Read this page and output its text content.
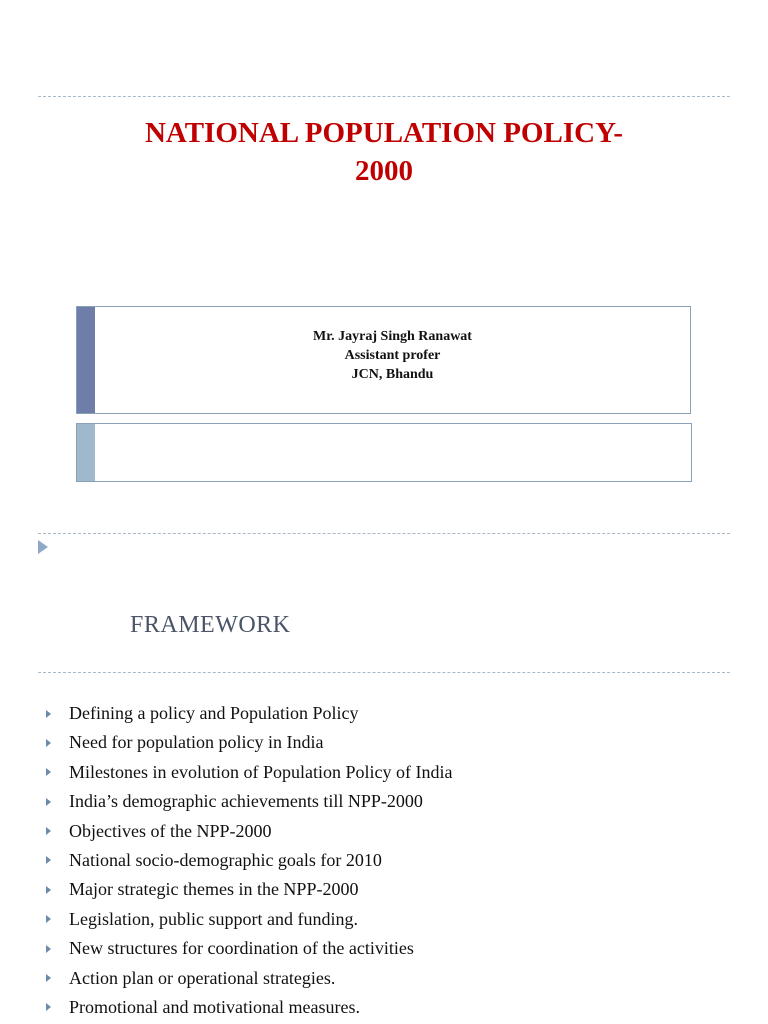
NATIONAL POPULATION POLICY-
2000
Mr. Jayraj Singh Ranawat
Assistant profer
JCN, Bhandu
FRAMEWORK
Defining a policy and Population Policy
Need for population policy in India
Milestones in evolution of Population Policy of India
India’s demographic achievements till NPP-2000
Objectives of the NPP-2000
National socio-demographic goals for 2010
Major strategic themes in the NPP-2000
Legislation, public support and funding.
New structures for coordination of the activities
Action plan or operational strategies.
Promotional and motivational measures.
